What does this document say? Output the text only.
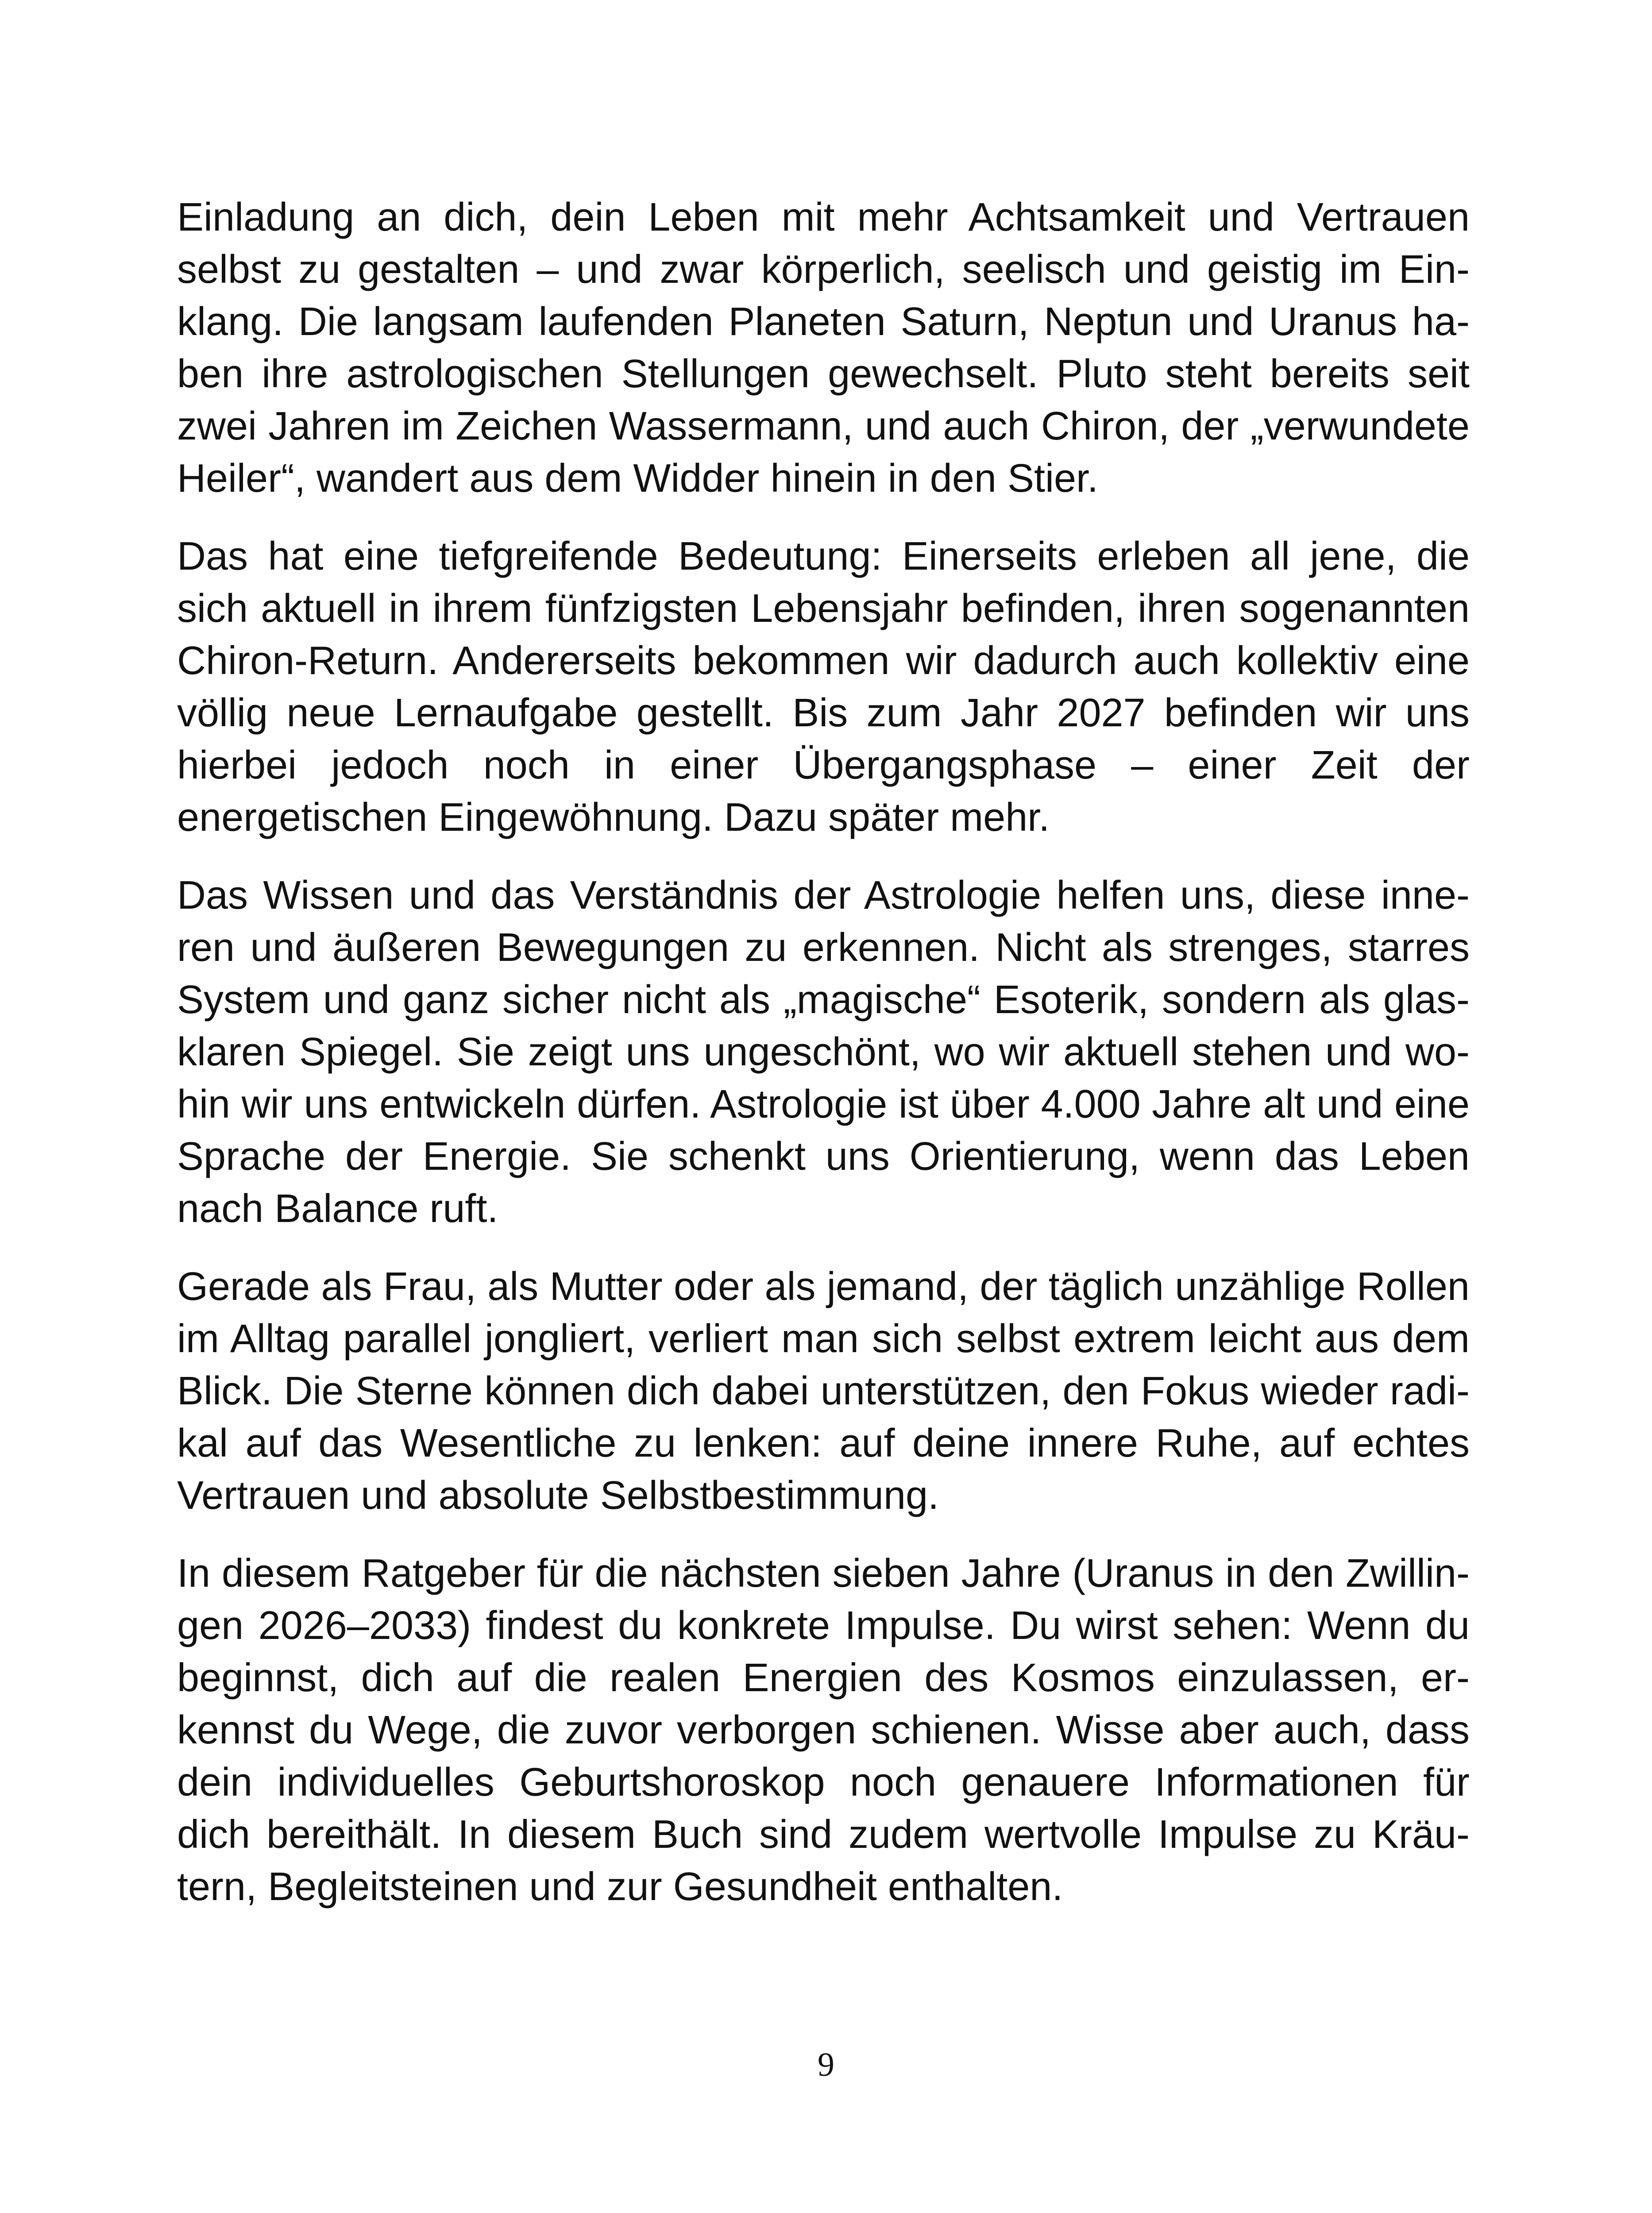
Einladung an dich, dein Leben mit mehr Achtsamkeit und Vertrauen selbst zu gestalten – und zwar körperlich, seelisch und geistig im Einklang. Die langsam laufenden Planeten Saturn, Neptun und Uranus haben ihre astrologischen Stellungen gewechselt. Pluto steht bereits seit zwei Jahren im Zeichen Wassermann, und auch Chiron, der „verwundete Heiler“, wandert aus dem Widder hinein in den Stier.

Das hat eine tiefgreifende Bedeutung: Einerseits erleben all jene, die sich aktuell in ihrem fünfzigsten Lebensjahr befinden, ihren sogenannten Chiron-Return. Andererseits bekommen wir dadurch auch kollektiv eine völlig neue Lernaufgabe gestellt. Bis zum Jahr 2027 befinden wir uns hierbei jedoch noch in einer Übergangsphase – einer Zeit der energetischen Eingewöhnung. Dazu später mehr.

Das Wissen und das Verständnis der Astrologie helfen uns, diese inneren und äußeren Bewegungen zu erkennen. Nicht als strenges, starres System und ganz sicher nicht als „magische“ Esoterik, sondern als glasklaren Spiegel. Sie zeigt uns ungeschönt, wo wir aktuell stehen und wohin wir uns entwickeln dürfen. Astrologie ist über 4.000 Jahre alt und eine Sprache der Energie. Sie schenkt uns Orientierung, wenn das Leben nach Balance ruft.

Gerade als Frau, als Mutter oder als jemand, der täglich unzählige Rollen im Alltag parallel jongliert, verliert man sich selbst extrem leicht aus dem Blick. Die Sterne können dich dabei unterstützen, den Fokus wieder radikal auf das Wesentliche zu lenken: auf deine innere Ruhe, auf echtes Vertrauen und absolute Selbstbestimmung.

In diesem Ratgeber für die nächsten sieben Jahre (Uranus in den Zwillingen 2026–2033) findest du konkrete Impulse. Du wirst sehen: Wenn du beginnst, dich auf die realen Energien des Kosmos einzulassen, erkennst du Wege, die zuvor verborgen schienen. Wisse aber auch, dass dein individuelles Geburtshoroskop noch genauere Informationen für dich bereithält. In diesem Buch sind zudem wertvolle Impulse zu Kräutern, Begleitsteinen und zur Gesundheit enthalten.

9
